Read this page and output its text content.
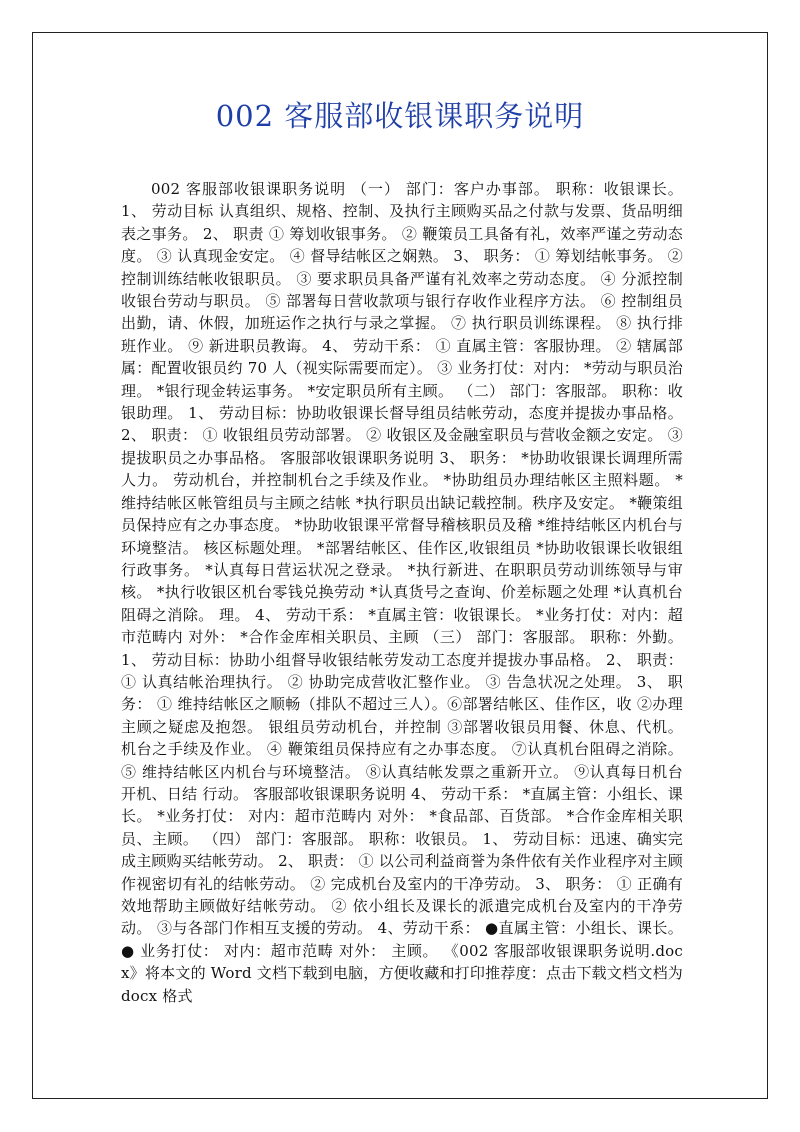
002 客服部收银课职务说明
002 客服部收银课职务说明 （一） 部门：客户办事部。 职称：收银课长。 1、 劳动目标 认真组织、规格、控制、及执行主顾购买品之付款与发票、货品明细表之事务。 2、 职责 ① 筹划收银事务。 ② 鞭策员工具备有礼，效率严谨之劳动态度。 ③ 认真现金安定。 ④ 督导结帐区之娴熟。 3、 职务： ① 筹划结帐事务。 ② 控制训练结帐收银职员。 ③ 要求职员具备严谨有礼效率之劳动态度。 ④ 分派控制收银台劳动与职员。 ⑤ 部署每日营收款项与银行存收作业程序方法。 ⑥ 控制组员出勤，请、休假，加班运作之执行与录之掌握。 ⑦ 执行职员训练课程。 ⑧ 执行排班作业。 ⑨ 新进职员教诲。 4、 劳动干系： ① 直属主管：客服协理。 ② 辖属部属：配置收银员约 70 人（视实际需要而定）。 ③ 业务打仗：对内： *劳动与职员治理。 *银行现金转运事务。 *安定职员所有主顾。 （二） 部门：客服部。 职称：收银助理。 1、 劳动目标：协助收银课长督导组员结帐劳动，态度并提拔办事品格。 2、 职责： ① 收银组员劳动部署。 ② 收银区及金融室职员与营收金额之安定。 ③ 提拔职员之办事品格。 客服部收银课职务说明 3、 职务： *协助收银课长调理所需人力。 劳动机台，并控制机台之手续及作业。 *协助组员办理结帐区主照料题。 *维持结帐区帐管组员与主顾之结帐 *执行职员出缺记载控制。秩序及安定。 *鞭策组员保持应有之办事态度。 *协助收银课平常督导稽核职员及稽 *维持结帐区内机台与环境整洁。 核区标题处理。 *部署结帐区、佳作区,收银组员 *协助收银课长收银组行政事务。 *认真每日营运状况之登录。 *执行新进、在职职员劳动训练领导与审核。 *执行收银区机台零钱兑换劳动 *认真货号之查询、价差标题之处理 *认真机台阻碍之消除。 理。 4、 劳动干系： *直属主管：收银课长。 *业务打仗：对内：超市范畴内 对外： *合作金库相关职员、主顾 （三） 部门：客服部。 职称：外勤。 1、 劳动目标：协助小组督导收银结帐劳发动工态度并提拔办事品格。 2、 职责： ① 认真结帐治理执行。 ② 协助完成营收汇整作业。 ③ 告急状况之处理。 3、 职务： ① 维持结帐区之顺畅（排队不超过三人）。⑥部署结帐区、佳作区，收 ②办理主顾之疑虑及抱怨。 银组员劳动机台，并控制 ③部署收银员用餐、休息、代机。 机台之手续及作业。 ④ 鞭策组员保持应有之办事态度。 ⑦认真机台阻碍之消除。 ⑤ 维持结帐区内机台与环境整洁。 ⑧认真结帐发票之重新开立。 ⑨认真每日机台开机、日结 行动。 客服部收银课职务说明 4、 劳动干系： *直属主管：小组长、课长。 *业务打仗： 对内：超市范畴内 对外： *食品部、百货部。 *合作金库相关职员、主顾。 （四） 部门：客服部。 职称：收银员。 1、 劳动目标：迅速、确实完成主顾购买结帐劳动。 2、 职责： ① 以公司利益商誉为条件依有关作业程序对主顾作视密切有礼的结帐劳动。 ② 完成机台及室内的干净劳动。 3、 职务： ① 正确有效地帮助主顾做好结帐劳动。 ② 依小组长及课长的派遣完成机台及室内的干净劳动。 ③与各部门作相互支援的劳动。 4、劳动干系： ●直属主管：小组长、课长。 ● 业务打仗： 对内：超市范畴 对外： 主顾。 《002 客服部收银课职务说明.docx》将本文的 Word 文档下载到电脑，方便收藏和打印推荐度：点击下载文档文档为 docx 格式
